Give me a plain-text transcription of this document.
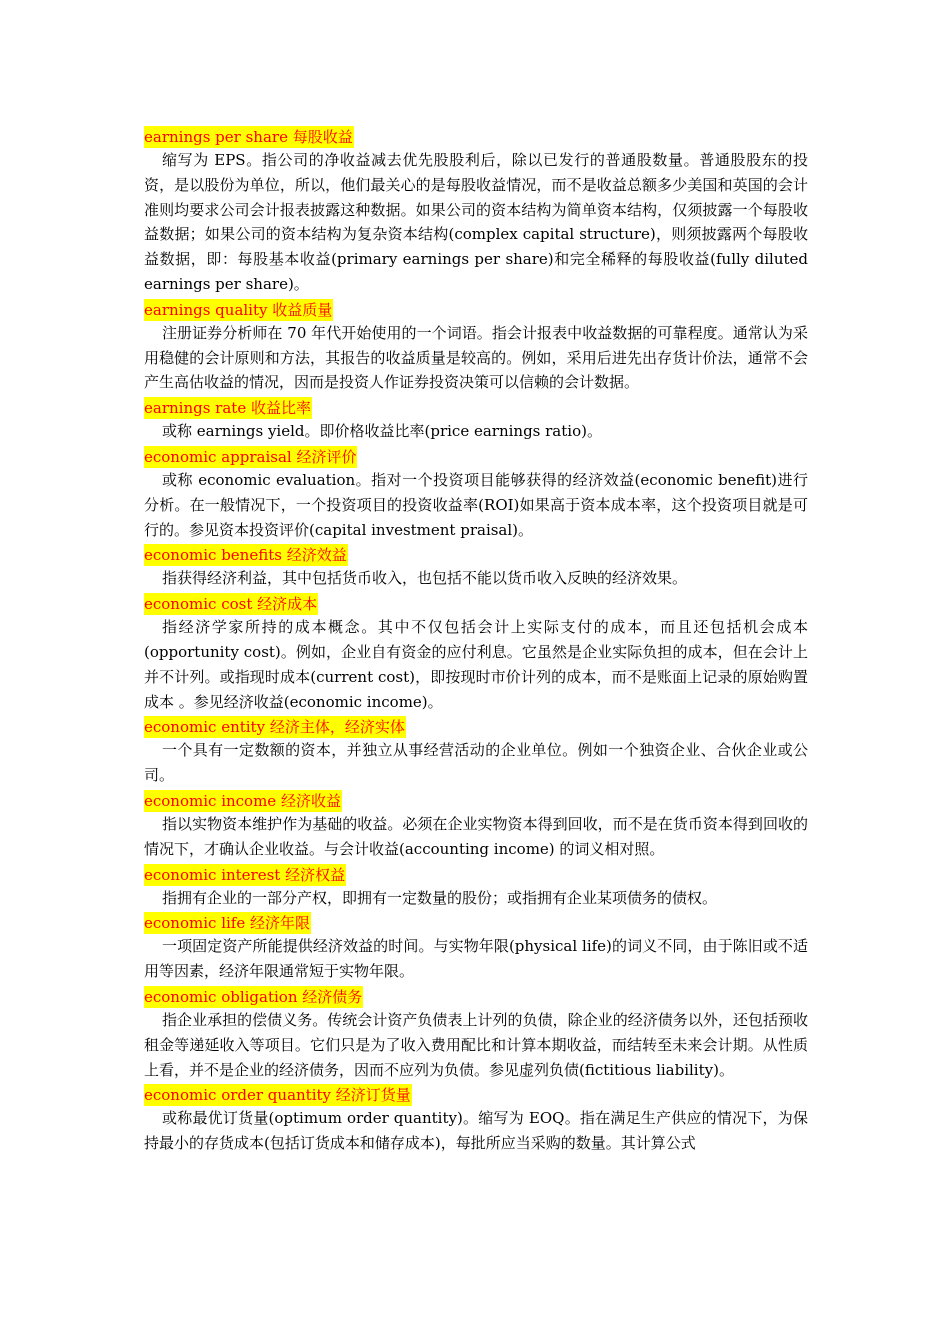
earnings per share 每股收益

缩写为 EPS。指公司的净收益减去优先股股利后，除以已发行的普通股数量。普通股股东的投资，是以股份为单位，所以，他们最关心的是每股收益情况，而不是收益总额多少美国和英国的会计准则均要求公司会计报表披露这种数据。如果公司的资本结构为简单资本结构，仅须披露一个每股收益数据；如果公司的资本结构为复杂资本结构(complex capital structure)，则须披露两个每股收益数据，即：每股基本收益(primary earnings per share)和完全稀释的每股收益(fully diluted earnings per share)。

earnings quality 收益质量

注册证券分析师在 70 年代开始使用的一个词语。指会计报表中收益数据的可靠程度。通常认为采用稳健的会计原则和方法，其报告的收益质量是较高的。例如，采用后进先出存货计价法，通常不会产生高估收益的情况，因而是投资人作证券投资决策可以信赖的会计数据。

earnings rate 收益比率

或称 earnings yield。即价格收益比率(price earnings ratio)。

economic appraisal 经济评价

或称 economic evaluation。指对一个投资项目能够获得的经济效益(economic benefit)进行分析。在一般情况下，一个投资项目的投资收益率(ROI)如果高于资本成本率，这个投资项目就是可行的。参见资本投资评价(capital investment praisal)。

economic benefits 经济效益

指获得经济利益，其中包括货币收入，也包括不能以货币收入反映的经济效果。

economic cost 经济成本

指经济学家所持的成本概念。其中不仅包括会计上实际支付的成本，而且还包括机会成本(opportunity cost)。例如，企业自有资金的应付利息。它虽然是企业实际负担的成本，但在会计上并不计列。或指现时成本(current cost)，即按现时市价计列的成本，而不是账面上记录的原始购置成本 。参见经济收益(economic income)。

economic entity 经济主体，经济实体

一个具有一定数额的资本，并独立从事经营活动的企业单位。例如一个独资企业、合伙企业或公司。

economic income 经济收益

指以实物资本维护作为基础的收益。必须在企业实物资本得到回收，而不是在货币资本得到回收的情况下，才确认企业收益。与会计收益(accounting income) 的词义相对照。

economic interest 经济权益

指拥有企业的一部分产权，即拥有一定数量的股份；或指拥有企业某项债务的债权。

economic life 经济年限

一项固定资产所能提供经济效益的时间。与实物年限(physical life)的词义不同，由于陈旧或不适用等因素，经济年限通常短于实物年限。

economic obligation 经济债务

指企业承担的偿债义务。传统会计资产负债表上计列的负债，除企业的经济债务以外，还包括预收租金等递延收入等项目。它们只是为了收入费用配比和计算本期收益，而结转至未来会计期。从性质上看，并不是企业的经济债务，因而不应列为负债。参见虚列负债(fictitious liability)。

economic order quantity 经济订货量

或称最优订货量(optimum order quantity)。缩写为 EOQ。指在满足生产供应的情况下，为保持最小的存货成本(包括订货成本和储存成本)，每批所应当采购的数量。其计算公式
